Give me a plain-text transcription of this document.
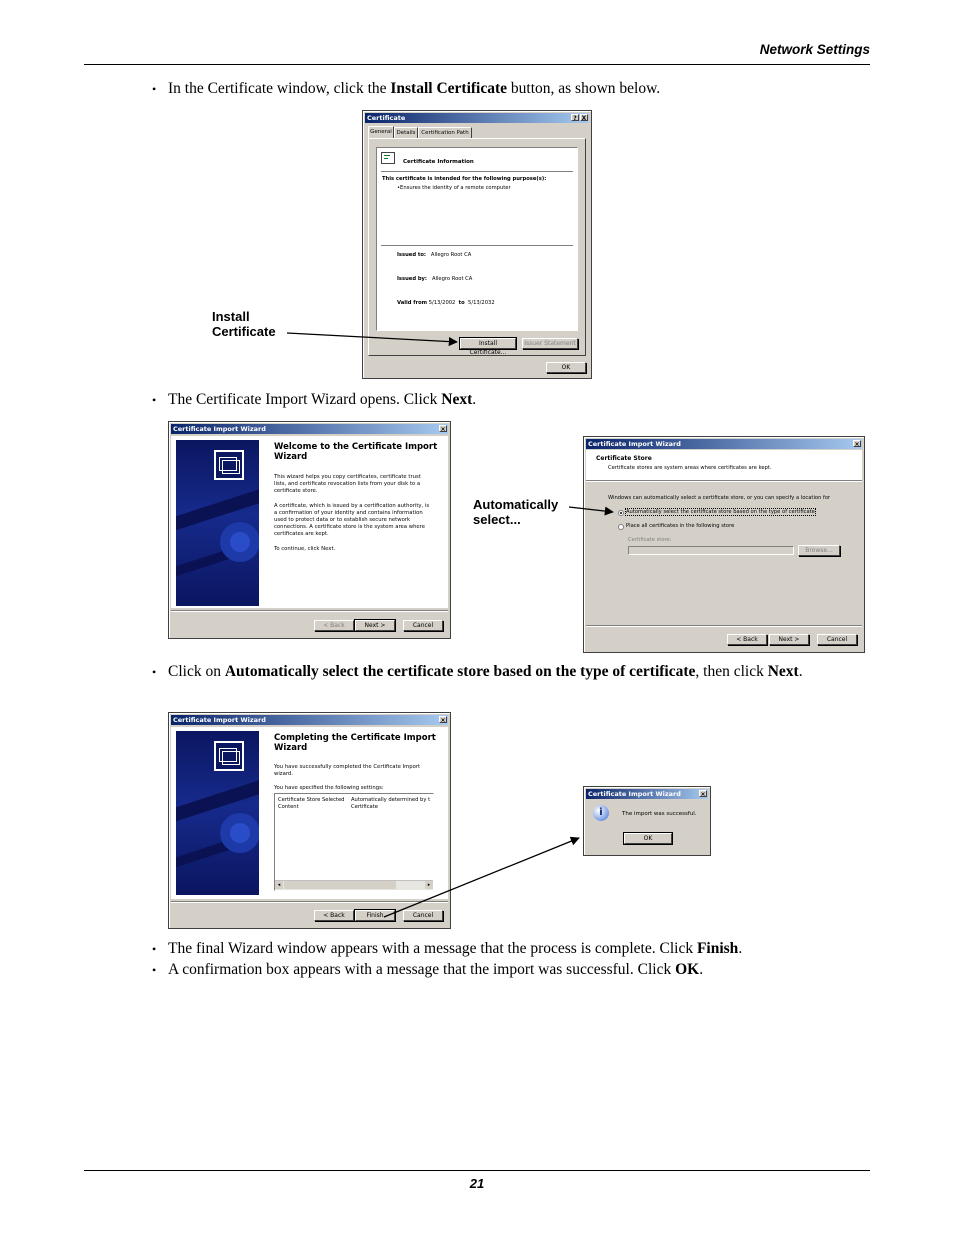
Network Settings
• In the Certificate window, click the Install Certificate button, as shown below.
Certificate	? X
General Details	Certification Path
Certificate Information
This certificate is intended for the following purpose(s):
•Ensures the identity of a remote computer
Issued to: Allegro Root CA
Issued by: Allegro Root CA
Valid from 5/13/2002 to 5/13/2032
Install Certificate...
Issuer Statement
OK
Install
Certificate
• The Certificate Import Wizard opens. Click Next.
Certificate Import Wizard	×
Welcome to the Certificate Import Wizard
This wizard helps you copy certificates, certificate trust lists, and certificate revocation lists from your disk to a certificate store.
A certificate, which is issued by a certification authority, is a confirmation of your identity and contains information used to protect data or to establish secure network connections. A certificate store is the system area where certificates are kept.
To continue, click Next.
< Back	Next >	Cancel
Automatically
select...
Certificate Import Wizard	×
Certificate Store
Certificate stores are system areas where certificates are kept.
Windows can automatically select a certificate store, or you can specify a location for
Automatically select the certificate store based on the type of certificate
Place all certificates in the following store
Certificate store:
Browse...
< Back	Next >	Cancel
• Click on Automatically select the certificate store based on the type of certificate, then click Next.
Certificate Import Wizard	×
Completing the Certificate Import Wizard
You have successfully completed the Certificate Import wizard.
You have specified the following settings:
Certificate Store Selected Automatically determined by t
Content	Certificate
◂	▸
< Back	Finish	Cancel
Certificate Import Wizard	×
i	The import was successful.
OK
• The final Wizard window appears with a message that the process is complete. Click Finish.
• A confirmation box appears with a message that the import was successful. Click OK.
21
